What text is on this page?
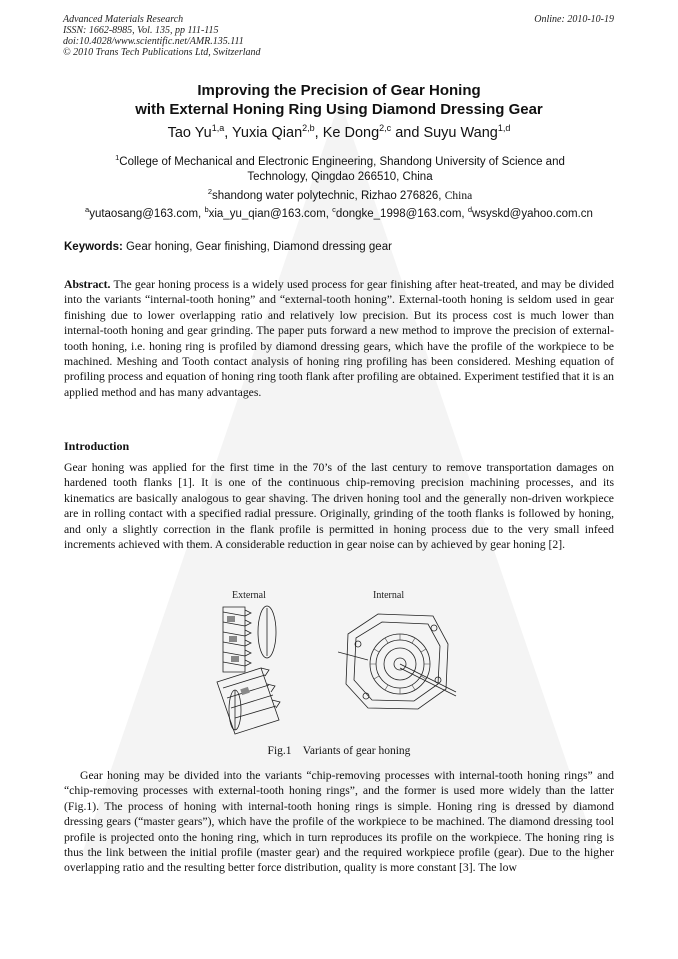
Advanced Materials Research
ISSN: 1662-8985, Vol. 135, pp 111-115
doi:10.4028/www.scientific.net/AMR.135.111
© 2010 Trans Tech Publications Ltd, Switzerland
Online: 2010-10-19
Improving the Precision of Gear Honing
with External Honing Ring Using Diamond Dressing Gear
Tao Yu$^{1,a}$, Yuxia Qian$^{2,b}$, Ke Dong$^{2,c}$ and Suyu Wang$^{1,d}$
$^1$College of Mechanical and Electronic Engineering, Shandong University of Science and
Technology, Qingdao 266510, China
$^2$shandong water polytechnic, Rizhao 276826, China
$^a$yutaosang@163.com, $^b$xia_yu_qian@163.com, $^c$dongke_1998@163.com, $^d$wsyskd@yahoo.com.cn
Keywords: Gear honing, Gear finishing, Diamond dressing gear
Abstract. The gear honing process is a widely used process for gear finishing after heat-treated, and may be divided into the variants “internal-tooth honing” and “external-tooth honing”. External-tooth honing is seldom used in gear finishing due to lower overlapping ratio and relatively low precision. But its process cost is much lower than internal-tooth honing and gear grinding. The paper puts forward a new method to improve the precision of external-tooth honing, i.e. honing ring is profiled by diamond dressing gears, which have the profile of the workpiece to be machined. Meshing and Tooth contact analysis of honing ring profiling has been considered. Meshing equation of profiling process and equation of honing ring tooth flank after profiling are obtained. Experiment testified that it is an applied method and has many advantages.
Introduction
Gear honing was applied for the first time in the 70’s of the last century to remove transportation damages on hardened tooth flanks [1]. It is one of the continuous chip-removing precision machining processes, and its kinematics are basically analogous to gear shaving. The driven honing tool and the generally non-driven workpiece are in rolling contact with a specified radial pressure. Originally, grinding of the tooth flanks is followed by honing, and only a slightly correction in the flank profile is permitted in honing process due to the very small infeed increments achieved with them. A considerable reduction in gear noise can by achieved by gear honing [2].
External	Internal
Fig.1    Variants of gear honing
Gear honing may be divided into the variants “chip-removing processes with internal-tooth honing rings” and “chip-removing processes with external-tooth honing rings”, and the former is used more widely than the latter (Fig.1). The process of honing with internal-tooth honing rings is simple. Honing ring is dressed by diamond dressing gears (“master gears”), which have the profile of the workpiece to be machined. The diamond dressing tool profile is projected onto the honing ring, which in turn reproduces its profile on the workpiece. The honing ring is thus the link between the initial profile (master gear) and the required workpiece profile (gear). Due to the higher overlapping ratio and the resulting better force distribution, quality is more constant [3]. The low
